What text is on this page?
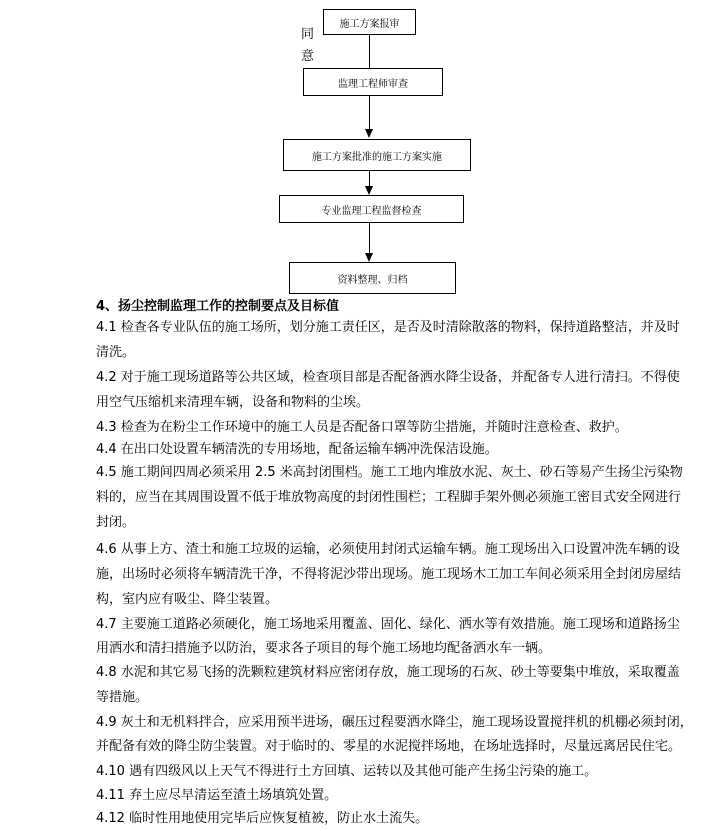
施工方案报审
同
意
监理工程师审查
施工方案批准的施工方案实施
专业监理工程监督检查
资料整理、归档
4、扬尘控制监理工作的控制要点及目标值
4.1 检查各专业队伍的施工场所，划分施工责任区，是否及时清除散落的物料，保持道路整洁，并及时
清洗。
4.2 对于施工现场道路等公共区域，检查项目部是否配备洒水降尘设备，并配备专人进行清扫。不得使
用空气压缩机来清理车辆，设备和物料的尘埃。
4.3 检查为在粉尘工作环境中的施工人员是否配备口罩等防尘措施，并随时注意检查、救护。
4.4 在出口处设置车辆清洗的专用场地，配备运输车辆冲洗保洁设施。
4.5 施工期间四周必须采用 2.5 米高封闭围档。施工工地内堆放水泥、灰土、砂石等易产生扬尘污染物
料的，应当在其周围设置不低于堆放物高度的封闭性围栏；工程脚手架外侧必须施工密目式安全网进行
封闭。
4.6 从事上方、渣土和施工垃圾的运输，必须使用封闭式运输车辆。施工现场出入口设置冲洗车辆的设
施，出场时必须将车辆清洗干净，不得将泥沙带出现场。施工现场木工加工车间必须采用全封闭房屋结
构，室内应有吸尘、降尘装置。
4.7 主要施工道路必须硬化，施工场地采用覆盖、固化、绿化、洒水等有效措施。施工现场和道路扬尘
用洒水和清扫措施予以防治，要求各子项目的每个施工场地均配备洒水车一辆。
4.8 水泥和其它易飞扬的洗颗粒建筑材料应密闭存放，施工现场的石灰、砂土等要集中堆放，采取覆盖
等措施。
4.9 灰土和无机料拌合，应采用预半进场，碾压过程要洒水降尘，施工现场设置搅拌机的机棚必须封闭，
并配备有效的降尘防尘装置。对于临时的、零星的水泥搅拌场地，在场址选择时，尽量远离居民住宅。
4.10 遇有四级风以上天气不得进行土方回填、运转以及其他可能产生扬尘污染的施工。
4.11 弃土应尽早清运至渣土场填筑处置。
4.12 临时性用地使用完毕后应恢复植被，防止水土流失。
